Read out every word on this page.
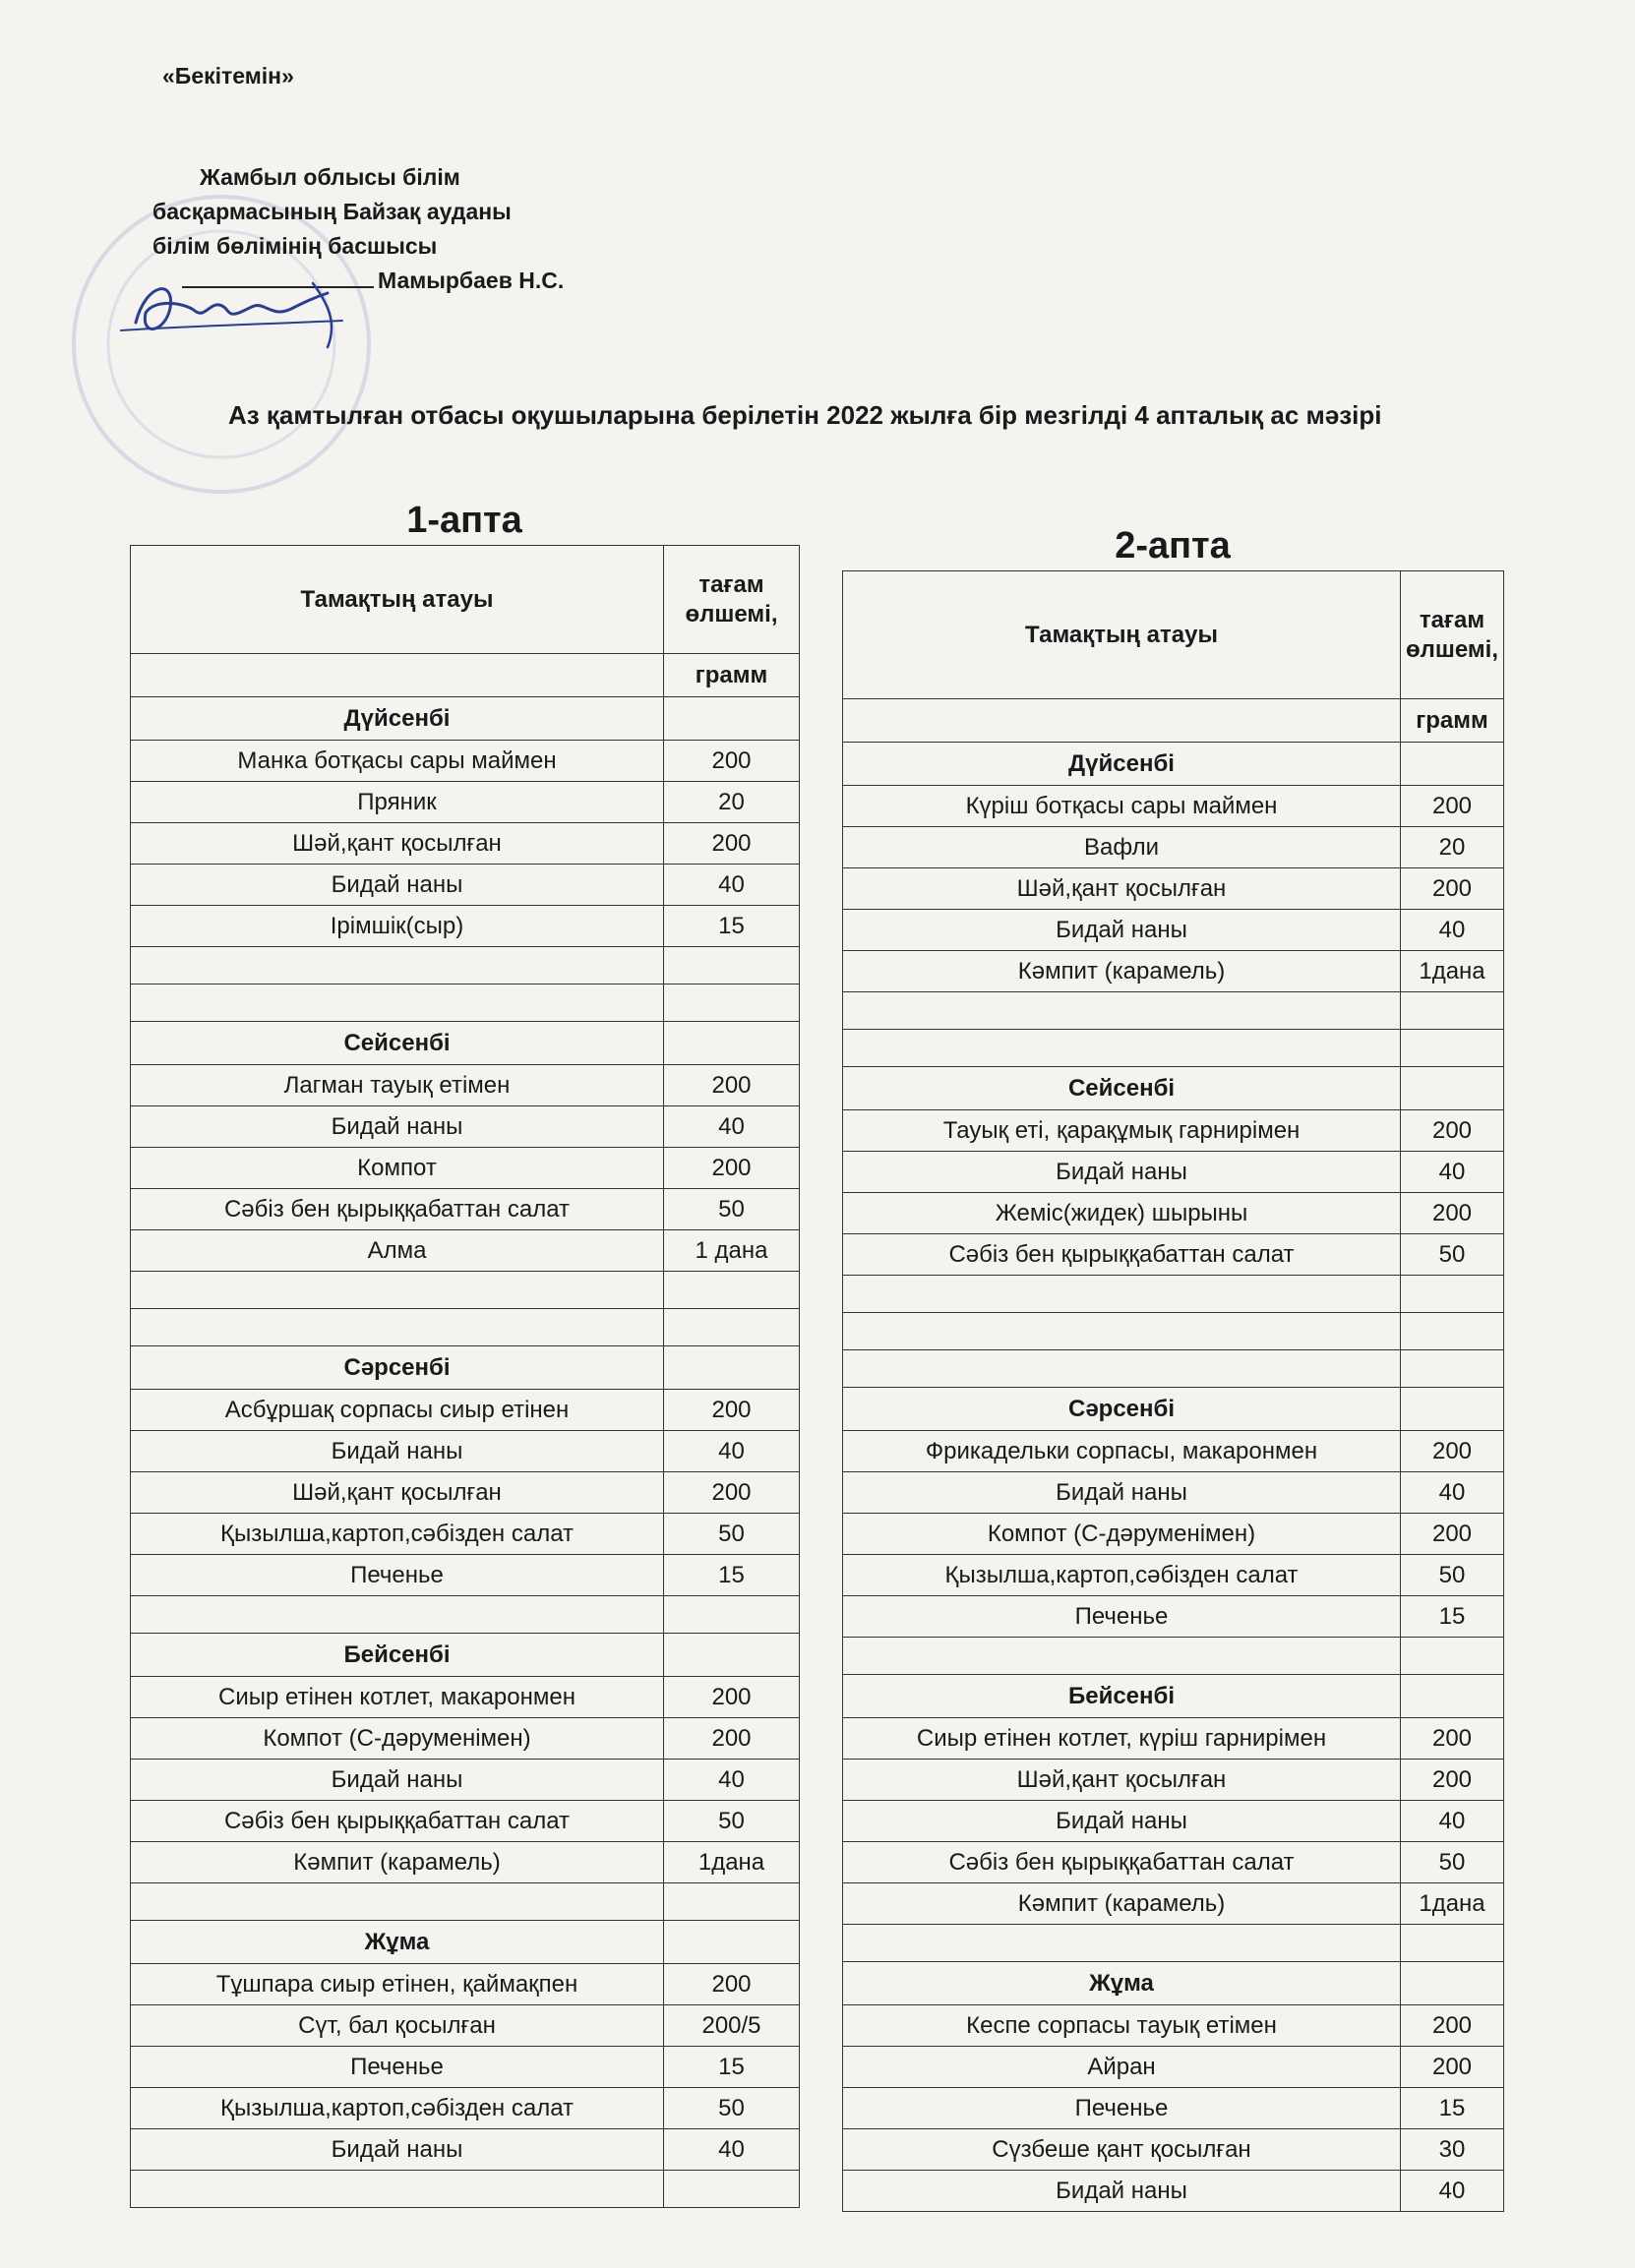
«Бекітемін»
Жамбыл облысы білім
басқармасының Байзақ ауданы
білім бөлімінің басшысы
Мамырбаев Н.С.
Аз қамтылған отбасы оқушыларына берілетін 2022 жылға бір мезгілді 4 апталық ас мәзірі
1-апта
Тамақтың атауы	тағам
өлшемі,

	грамм
Дүйсенбі	
Манка ботқасы сары маймен	200
Пряник	20
Шәй,қант қосылған	200
Бидай наны	40
Ірімшік(сыр)	15

Сейсенбі	
Лагман тауық етімен	200
Бидай наны	40
Компот	200
Сәбіз бен қырыққабаттан салат	50
Алма	1 дана

Сәрсенбі	
Асбұршақ сорпасы сиыр етінен	200
Бидай наны	40
Шәй,қант қосылған	200
Қызылша,картоп,сәбізден салат	50
Печенье	15

Бейсенбі	
Сиыр етінен котлет, макаронмен	200
Компот (С-дәруменімен)	200
Бидай наны	40
Сәбіз бен қырыққабаттан салат	50
Кәмпит (карамель)	1дана

Жұма	
Тұшпара сиыр етінен, қаймақпен	200
Сүт, бал қосылған	200/5
Печенье	15
Қызылша,картоп,сәбізден салат	50
Бидай наны	40

2-апта
Тамақтың атауы	тағам
өлшемі,

	грамм
Дүйсенбі	
Күріш ботқасы сары маймен	200
Вафли	20
Шәй,қант қосылған	200
Бидай наны	40
Кәмпит (карамель)	1дана

Сейсенбі	
Тауық еті, қарақұмық гарнирімен	200
Бидай наны	40
Жеміс(жидек) шырыны	200
Сәбіз бен қырыққабаттан салат	50

Сәрсенбі	
Фрикадельки сорпасы, макаронмен	200
Бидай наны	40
Компот (С-дәруменімен)	200
Қызылша,картоп,сәбізден салат	50
Печенье	15

Бейсенбі	
Сиыр етінен котлет, күріш гарнирімен	200
Шәй,қант қосылған	200
Бидай наны	40
Сәбіз бен қырыққабаттан салат	50
Кәмпит (карамель)	1дана

Жұма	
Кеспе сорпасы тауық етімен	200
Айран	200
Печенье	15
Сүзбеше қант қосылған	30
Бидай наны	40
